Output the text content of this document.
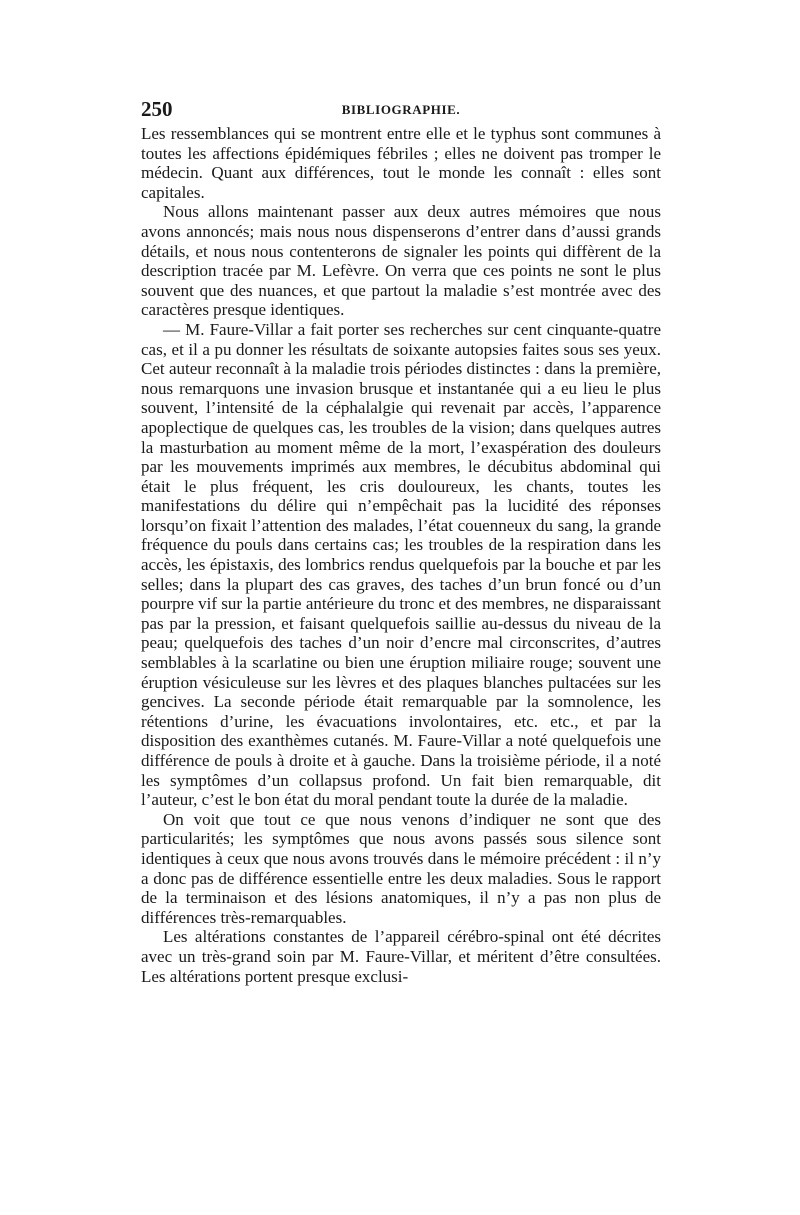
250	BIBLIOGRAPHIE.

Les ressemblances qui se montrent entre elle et le typhus sont communes à toutes les affections épidémiques fébriles ; elles ne doivent pas tromper le médecin. Quant aux différences, tout le monde les connaît : elles sont capitales.

Nous allons maintenant passer aux deux autres mémoires que nous avons annoncés; mais nous nous dispenserons d’entrer dans d’aussi grands détails, et nous nous contenterons de signaler les points qui diffèrent de la description tracée par M. Lefèvre. On verra que ces points ne sont le plus souvent que des nuances, et que partout la maladie s’est montrée avec des caractères presque identiques.

— M. Faure-Villar a fait porter ses recherches sur cent cinquante-quatre cas, et il a pu donner les résultats de soixante autopsies faites sous ses yeux. Cet auteur reconnaît à la maladie trois périodes distinctes : dans la première, nous remarquons une invasion brusque et instantanée qui a eu lieu le plus souvent, l’intensité de la céphalalgie qui revenait par accès, l’apparence apoplectique de quelques cas, les troubles de la vision; dans quelques autres la masturbation au moment même de la mort, l’exaspération des douleurs par les mouvements imprimés aux membres, le décubitus abdominal qui était le plus fréquent, les cris douloureux, les chants, toutes les manifestations du délire qui n’empêchait pas la lucidité des réponses lorsqu’on fixait l’attention des malades, l’état couenneux du sang, la grande fréquence du pouls dans certains cas; les troubles de la respiration dans les accès, les épistaxis, des lombrics rendus quelquefois par la bouche et par les selles; dans la plupart des cas graves, des taches d’un brun foncé ou d’un pourpre vif sur la partie antérieure du tronc et des membres, ne disparaissant pas par la pression, et faisant quelquefois saillie au-dessus du niveau de la peau; quelquefois des taches d’un noir d’encre mal circonscrites, d’autres semblables à la scarlatine ou bien une éruption miliaire rouge; souvent une éruption vésiculeuse sur les lèvres et des plaques blanches pultacées sur les gencives. La seconde période était remarquable par la somnolence, les rétentions d’urine, les évacuations involontaires, etc. etc., et par la disposition des exanthèmes cutanés. M. Faure-Villar a noté quelquefois une différence de pouls à droite et à gauche. Dans la troisième période, il a noté les symptômes d’un collapsus profond. Un fait bien remarquable, dit l’auteur, c’est le bon état du moral pendant toute la durée de la maladie.

On voit que tout ce que nous venons d’indiquer ne sont que des particularités; les symptômes que nous avons passés sous silence sont identiques à ceux que nous avons trouvés dans le mémoire précédent : il n’y a donc pas de différence essentielle entre les deux maladies. Sous le rapport de la terminaison et des lésions anatomiques, il n’y a pas non plus de différences très-remarquables.

Les altérations constantes de l’appareil cérébro-spinal ont été décrites avec un très-grand soin par M. Faure-Villar, et méritent d’être consultées. Les altérations portent presque exclusi-
